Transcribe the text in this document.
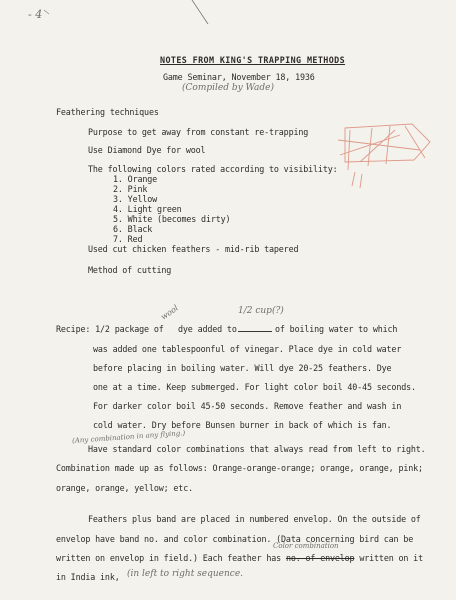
- 4
NOTES FROM KING'S TRAPPING METHODS
Game Seminar, November 18, 1936
(Compiled by Wade)
Feathering techniques
Purpose to get away from constant re-trapping
Use Diamond Dye for wool
The following colors rated according to visibility:
1. Orange
2. Pink
3. Yellow
4. Light green
5. White (becomes dirty)
6. Black
7. Red
Used cut chicken feathers - mid-rib tapered
Method of cutting
wool	1/2 cup(?)
Recipe: 1/2 package of dye added to	of boiling water to which
was added one tablespoonful of vinegar. Place dye in cold water
before placing in boiling water. Will dye 20-25 feathers. Dye
one at a time. Keep submerged. For light color boil 40-45 seconds.
For darker color boil 45-50 seconds. Remove feather and wash in
cold water. Dry before Bunsen burner in back of which is fan.
(Any combination in any flying.)
Have standard color combinations that always read from left to right.
Combination made up as follows: Orange-orange-orange; orange, orange, pink;
orange, orange, yellow; etc.
Feathers plus band are placed in numbered envelop. On the outside of
envelop have band no. and color combination. (Data concerning bird can be
Color combination
written on envelop in field.) Each feather has no. of envelop written on it
in India ink, (in left to right sequence.
